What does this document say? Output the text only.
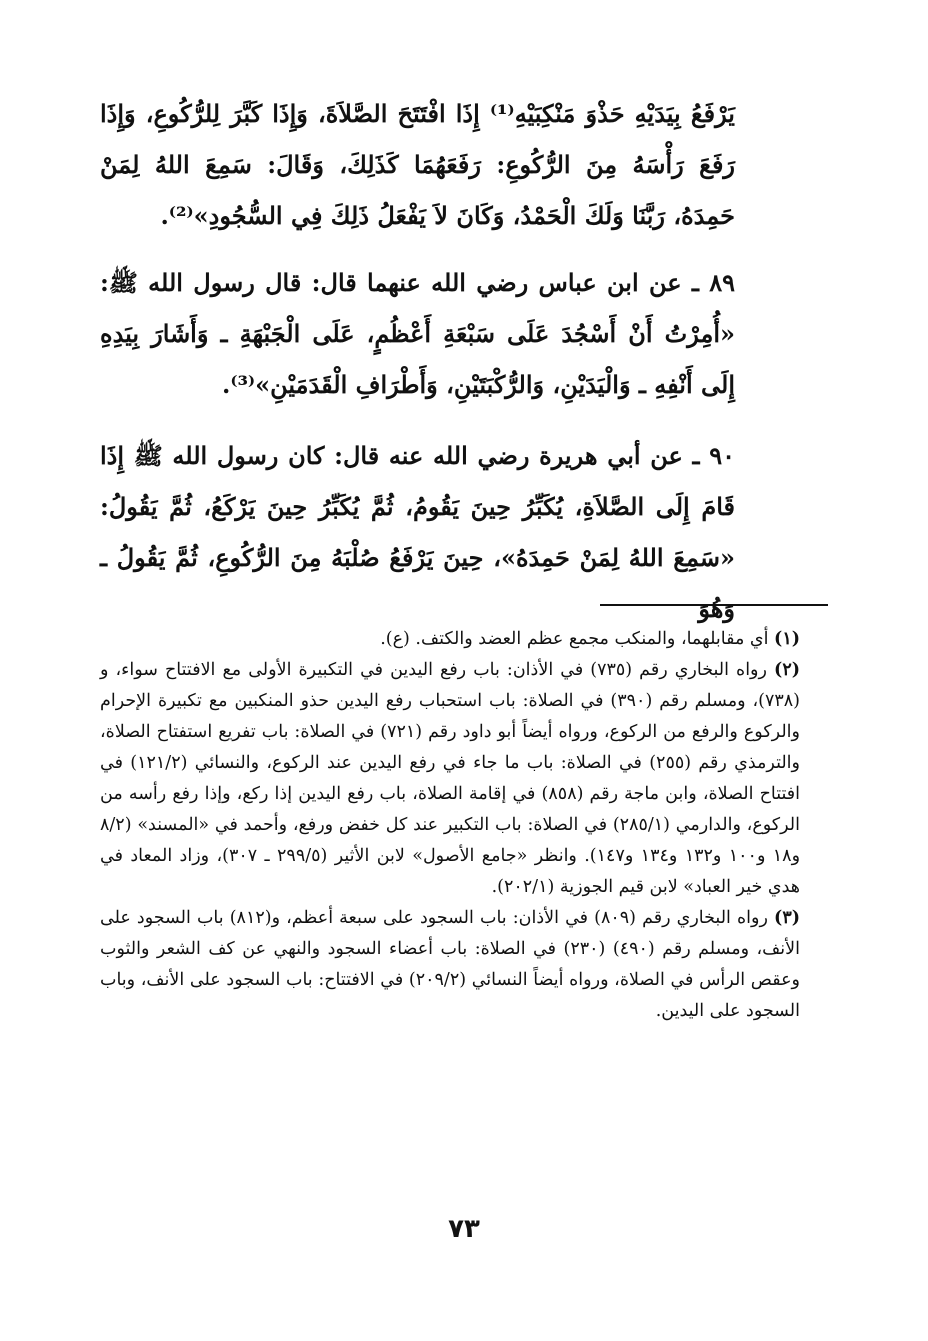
يَرْفَعُ بِيَدَيْهِ حَذْوَ مَنْكِبَيْهِ⁽¹⁾ إِذَا افْتَتَحَ الصَّلاَةَ، وَإِذَا كَبَّرَ لِلرُّكُوعِ، وَإِذَا رَفَعَ رَأْسَهُ مِنَ الرُّكُوعِ: رَفَعَهُمَا كَذَلِكَ، وَقَالَ: سَمِعَ اللهُ لِمَنْ حَمِدَهُ، رَبَّنَا وَلَكَ الْحَمْدُ، وَكَانَ لاَ يَفْعَلُ ذَلِكَ فِي السُّجُودِ»⁽²⁾.

٨٩ ـ عن ابن عباس رضي الله عنهما قال: قال رسول الله ﷺ: «أُمِرْتُ أَنْ أَسْجُدَ عَلَى سَبْعَةِ أَعْظُمٍ، عَلَى الْجَبْهَةِ ـ وَأَشَارَ بِيَدِهِ إِلَى أَنْفِهِ ـ وَالْيَدَيْنِ، وَالرُّكْبَتَيْنِ، وَأَطْرَافِ الْقَدَمَيْنِ»⁽³⁾.

٩٠ ـ عن أبي هريرة رضي الله عنه قال: كان رسول الله ﷺ إِذَا قَامَ إِلَى الصَّلاَةِ، يُكَبِّرُ حِينَ يَقُومُ، ثُمَّ يُكَبِّرُ حِينَ يَرْكَعُ، ثُمَّ يَقُولُ: «سَمِعَ اللهُ لِمَنْ حَمِدَهُ»، حِينَ يَرْفَعُ صُلْبَهُ مِنَ الرُّكُوعِ، ثُمَّ يَقُولُ ـ وَهُوَ

(١) أي مقابلهما، والمنكب مجمع عظم العضد والكتف. (ع).

(٢) رواه البخاري رقم (٧٣٥) في الأذان: باب رفع اليدين في التكبيرة الأولى مع الافتتاح سواء، و (٧٣٨)، ومسلم رقم (٣٩٠) في الصلاة: باب استحباب رفع اليدين حذو المنكبين مع تكبيرة الإحرام والركوع والرفع من الركوع، ورواه أيضاً أبو داود رقم (٧٢١) في الصلاة: باب تفريع استفتاح الصلاة، والترمذي رقم (٢٥٥) في الصلاة: باب ما جاء في رفع اليدين عند الركوع، والنسائي (١٢١/٢) في افتتاح الصلاة، وابن ماجة رقم (٨٥٨) في إقامة الصلاة، باب رفع اليدين إذا ركع، وإذا رفع رأسه من الركوع، والدارمي (٢٨٥/١) في الصلاة: باب التكبير عند كل خفض ورفع، وأحمد في «المسند» (٨/٢ و١٨ و١٠٠ و١٣٢ و١٣٤ و١٤٧). وانظر «جامع الأصول» لابن الأثير (٢٩٩/٥ ـ ٣٠٧)، وزاد المعاد في هدي خير العباد» لابن قيم الجوزية (٢٠٢/١).

(٣) رواه البخاري رقم (٨٠٩) في الأذان: باب السجود على سبعة أعظم، و(٨١٢) باب السجود على الأنف، ومسلم رقم (٤٩٠) (٢٣٠) في الصلاة: باب أعضاء السجود والنهي عن كف الشعر والثوب وعقص الرأس في الصلاة، ورواه أيضاً النسائي (٢٠٩/٢) في الافتتاح: باب السجود على الأنف، وباب السجود على اليدين.

٧٣
